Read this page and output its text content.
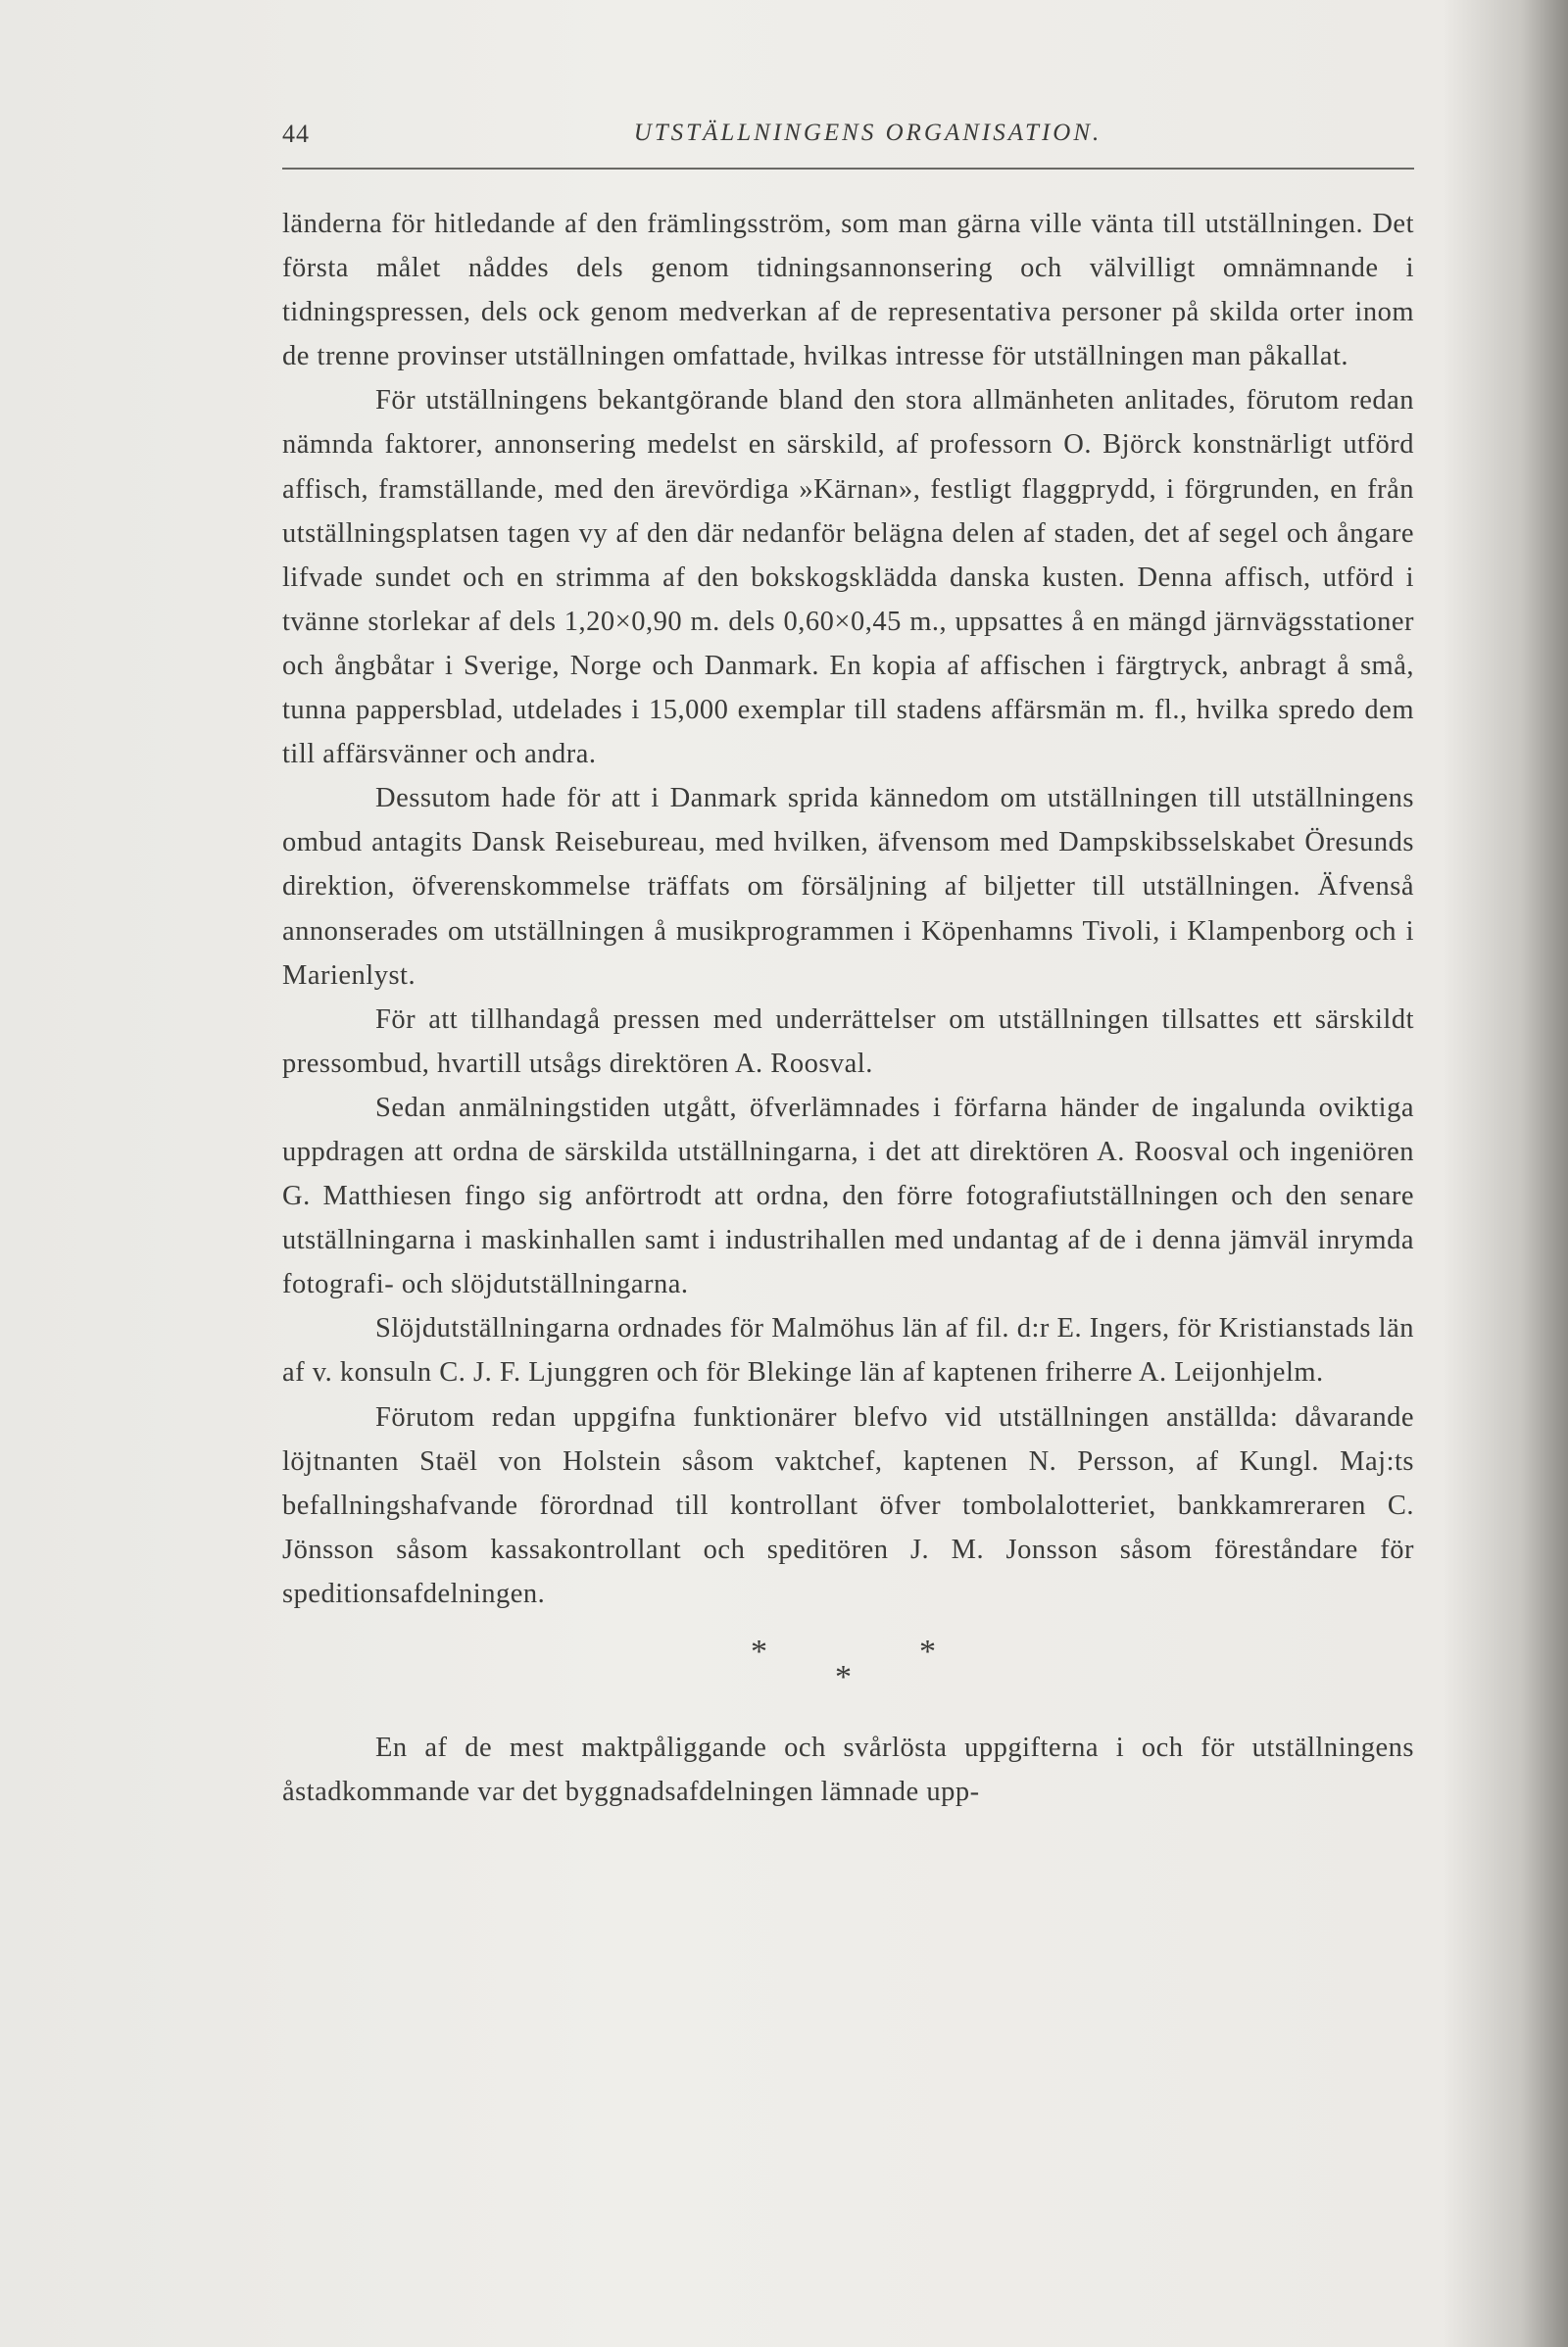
44	UTSTÄLLNINGENS ORGANISATION.

länderna för hitledande af den främlingsström, som man gärna ville vänta till utställningen. Det första målet nåddes dels genom tidningsannonsering och välvilligt omnämnande i tidningspressen, dels ock genom medverkan af de representativa personer på skilda orter inom de trenne provinser utställningen omfattade, hvilkas intresse för utställningen man påkallat.

För utställningens bekantgörande bland den stora allmänheten anlitades, förutom redan nämnda faktorer, annonsering medelst en särskild, af professorn O. Björck konstnärligt utförd affisch, framställande, med den ärevördiga »Kärnan», festligt flaggprydd, i förgrunden, en från utställningsplatsen tagen vy af den där nedanför belägna delen af staden, det af segel och ångare lifvade sundet och en strimma af den bokskogsklädda danska kusten. Denna affisch, utförd i tvänne storlekar af dels 1,20×0,90 m. dels 0,60×0,45 m., uppsattes å en mängd järnvägsstationer och ångbåtar i Sverige, Norge och Danmark. En kopia af affischen i färgtryck, anbragt å små, tunna pappersblad, utdelades i 15,000 exemplar till stadens affärsmän m. fl., hvilka spredo dem till affärsvänner och andra.

Dessutom hade för att i Danmark sprida kännedom om utställningen till utställningens ombud antagits Dansk Reisebureau, med hvilken, äfvensom med Dampskibsselskabet Öresunds direktion, öfverenskommelse träffats om försäljning af biljetter till utställningen. Äfvenså annonserades om utställningen å musikprogrammen i Köpenhamns Tivoli, i Klampenborg och i Marienlyst.

För att tillhandagå pressen med underrättelser om utställningen tillsattes ett särskildt pressombud, hvartill utsågs direktören A. Roosval.

Sedan anmälningstiden utgått, öfverlämnades i förfarna händer de ingalunda oviktiga uppdragen att ordna de särskilda utställningarna, i det att direktören A. Roosval och ingeniören G. Matthiesen fingo sig anförtrodt att ordna, den förre fotografiutställningen och den senare utställningarna i maskinhallen samt i industrihallen med undantag af de i denna jämväl inrymda fotografi- och slöjdutställningarna.

Slöjdutställningarna ordnades för Malmöhus län af fil. d:r E. Ingers, för Kristianstads län af v. konsuln C. J. F. Ljunggren och för Blekinge län af kaptenen friherre A. Leijonhjelm.

Förutom redan uppgifna funktionärer blefvo vid utställningen anställda: dåvarande löjtnanten Staël von Holstein såsom vaktchef, kaptenen N. Persson, af Kungl. Maj:ts befallningshafvande förordnad till kontrollant öfver tombolalotteriet, bankkamreraren C. Jönsson såsom kassakontrollant och speditören J. M. Jonsson såsom föreståndare för speditionsafdelningen.

*	*
*

En af de mest maktpåliggande och svårlösta uppgifterna i och för utställningens åstadkommande var det byggnadsafdelningen lämnade upp-
